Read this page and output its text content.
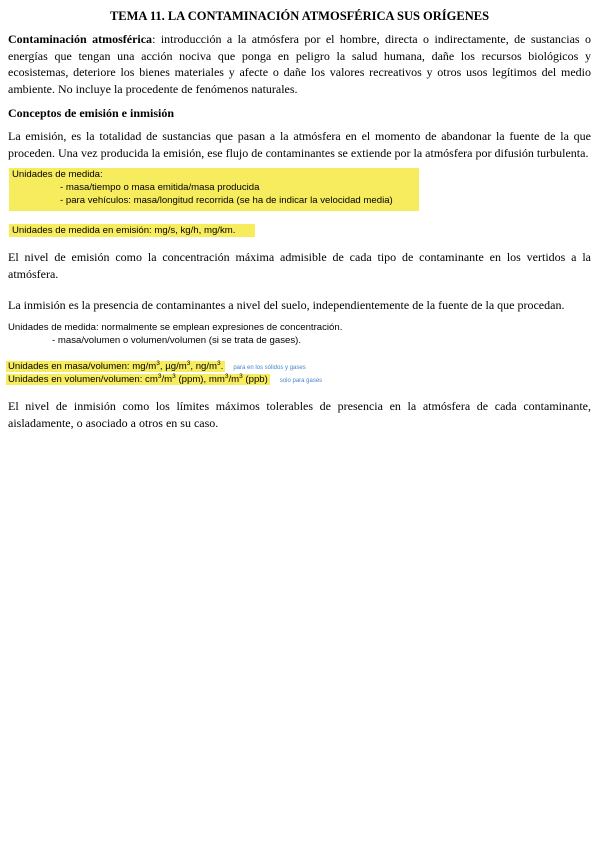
TEMA 11. LA CONTAMINACIÓN ATMOSFÉRICA SUS ORÍGENES
Contaminación atmosférica: introducción a la atmósfera por el hombre, directa o indirectamente, de sustancias o energías que tengan una acción nociva que ponga en peligro la salud humana, dañe los recursos biológicos y ecosistemas, deteriore los bienes materiales y afecte o dañe los valores recreativos y otros usos legítimos del medio ambiente. No incluye la procedente de fenómenos naturales.
Conceptos de emisión e inmisión
La emisión, es la totalidad de sustancias que pasan a la atmósfera en el momento de abandonar la fuente de la que proceden. Una vez producida la emisión, ese flujo de contaminantes se extiende por la atmósfera por difusión turbulenta.
Unidades de medida:
- masa/tiempo o masa emitida/masa producida
- para vehículos: masa/longitud recorrida (se ha de indicar la velocidad media)
Unidades de medida en emisión: mg/s, kg/h, mg/km.
El nivel de emisión como la concentración máxima admisible de cada tipo de contaminante en los vertidos a la atmósfera.
La inmisión es la presencia de contaminantes a nivel del suelo, independientemente de la fuente de la que procedan.
Unidades de medida: normalmente se emplean expresiones de concentración.
- masa/volumen o volumen/volumen (si se trata de gases).
Unidades en masa/volumen: $mg/m^3$, $\mu g/m^3$, $ng/m^3$. para en los sólidos y gases
Unidades en volumen/volumen: $cm^3/m^3$ (ppm), $mm^3/m^3$ (ppb) solo para gases
El nivel de inmisión como los límites máximos tolerables de presencia en la atmósfera de cada contaminante, aisladamente, o asociado a otros en su caso.
